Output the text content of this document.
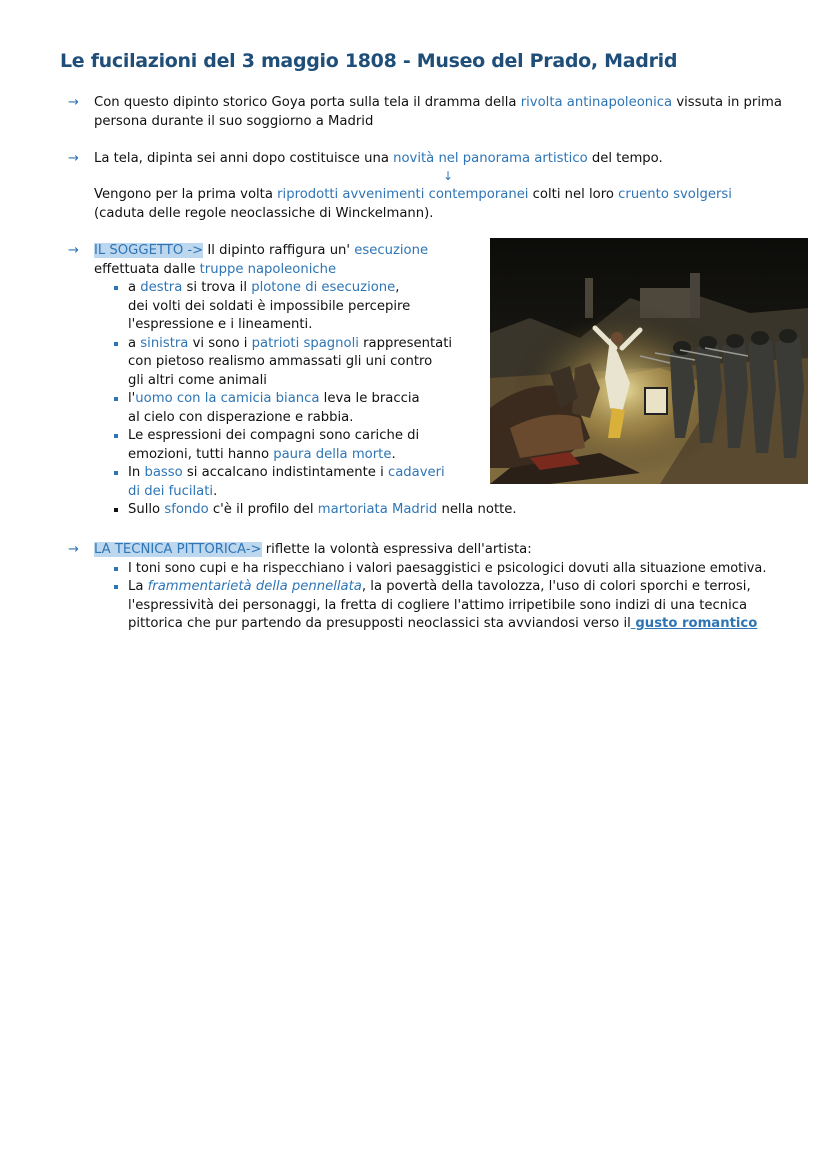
Le fucilazioni del 3 maggio 1808 - Museo del Prado, Madrid
→ Con questo dipinto storico Goya porta sulla tela il dramma della rivolta antinapoleonica vissuta in prima persona durante il suo soggiorno a Madrid
→ La tela, dipinta sei anni dopo costituisce una novità nel panorama artistico del tempo.
↓
Vengono per la prima volta riprodotti avvenimenti contemporanei colti nel loro cruento svolgersi
(caduta delle regole neoclassiche di Winckelmann).
→ IL SOGGETTO -> Il dipinto raffigura un' esecuzione
effettuata dalle truppe napoleoniche
a destra si trova il plotone di esecuzione,
dei volti dei soldati è impossibile percepire
l'espressione e i lineamenti.
a sinistra vi sono i patrioti spagnoli rappresentati
con pietoso realismo ammassati gli uni contro
gli altri come animali
l'uomo con la camicia bianca leva le braccia
al cielo con disperazione e rabbia.
Le espressioni dei compagni sono cariche di
emozioni, tutti hanno paura della morte.
In basso si accalcano indistintamente i cadaveri
di dei fucilati.
Sullo sfondo c'è il profilo del martoriata Madrid nella notte.
→ LA TECNICA PITTORICA-> riflette la volontà espressiva dell'artista:
I toni sono cupi e ha rispecchiano i valori paesaggistici e psicologici dovuti alla situazione emotiva.
La frammentarietà della pennellata, la povertà della tavolozza, l'uso di colori sporchi e terrosi,
l'espressività dei personaggi, la fretta di cogliere l'attimo irripetibile sono indizi di una tecnica
pittorica che pur partendo da presupposti neoclassici sta avviandosi verso il gusto romantico
